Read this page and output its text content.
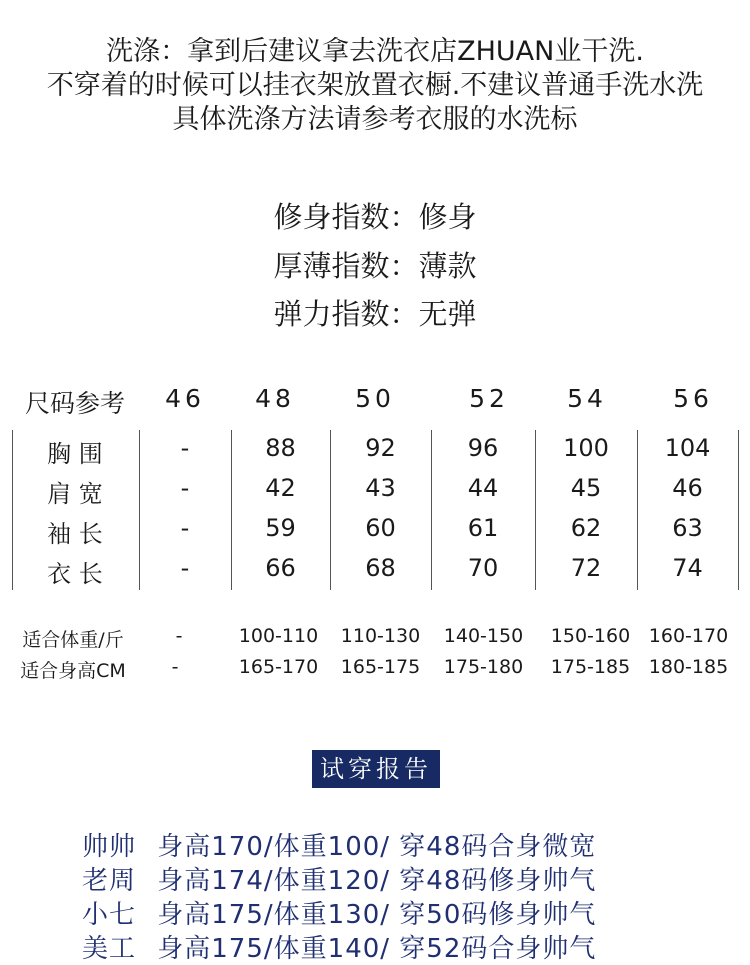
洗涤：拿到后建议拿去洗衣店ZHUAN业干洗.
不穿着的时候可以挂衣架放置衣橱.不建议普通手洗水洗
具体洗涤方法请参考衣服的水洗标
修身指数：修身
厚薄指数：薄款
弹力指数：无弹
尺码参考	46	48	50	52	54	56
胸 围	-	88	92	96	100	104
肩 宽	-	42	43	44	45	46
袖 长	-	59	60	61	62	63
衣 长	-	66	68	70	72	74
适合体重/斤	-	100-110	110-130	140-150	150-160 160-170
适合身高CM	-	165-170	165-175	175-180	175-185 180-185
试穿报告
帅帅 身高170/体重100/ 穿48码合身微宽
老周 身高174/体重120/ 穿48码修身帅气
小七 身高175/体重130/ 穿50码修身帅气
美工 身高175/体重140/ 穿52码合身帅气
